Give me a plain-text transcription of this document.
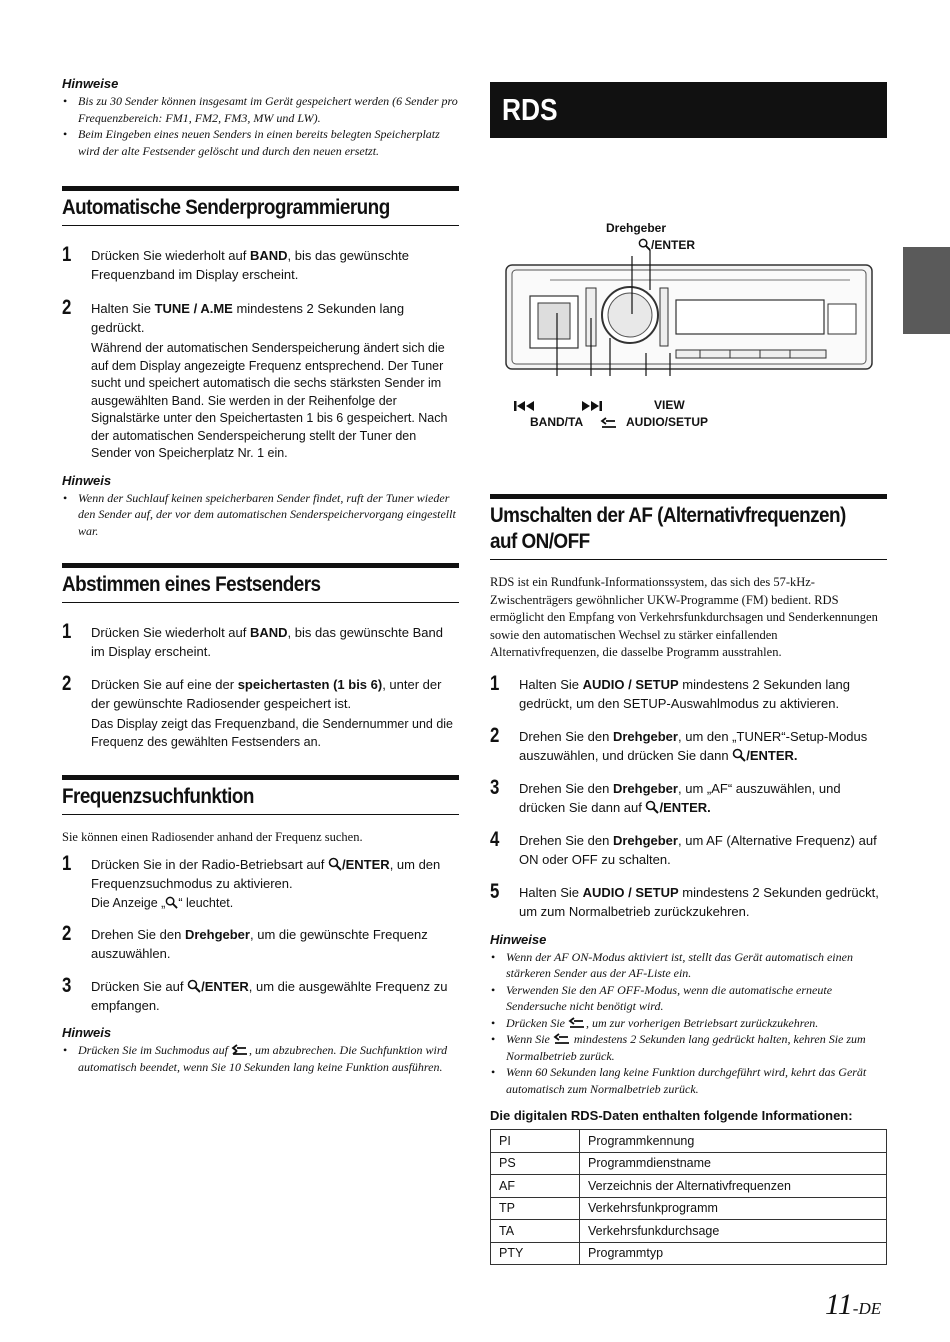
Hinweise
• Bis zu 30 Sender können insgesamt im Gerät gespeichert werden (6 Sender pro Frequenzbereich: FM1, FM2, FM3, MW und LW).
• Beim Eingeben eines neuen Senders in einen bereits belegten Speicherplatz wird der alte Festsender gelöscht und durch den neuen ersetzt.
Automatische Senderprogrammierung
1 Drücken Sie wiederholt auf BAND, bis das gewünschte Frequenzband im Display erscheint.
2 Halten Sie TUNE / A.ME mindestens 2 Sekunden lang gedrückt.
Während der automatischen Senderspeicherung ändert sich die auf dem Display angezeigte Frequenz entsprechend. Der Tuner sucht und speichert automatisch die sechs stärksten Sender im ausgewählten Band. Sie werden in der Reihenfolge der Signalstärke unter den Speichertasten 1 bis 6 gespeichert. Nach der automatischen Senderspeicherung stellt der Tuner den Sender von Speicherplatz Nr. 1 ein.
Hinweis
• Wenn der Suchlauf keinen speicherbaren Sender findet, ruft der Tuner wieder den Sender auf, der vor dem automatischen Senderspeichervorgang eingestellt war.
Abstimmen eines Festsenders
1 Drücken Sie wiederholt auf BAND, bis das gewünschte Band im Display erscheint.
2 Drücken Sie auf eine der speichertasten (1 bis 6), unter der der gewünschte Radiosender gespeichert ist.
Das Display zeigt das Frequenzband, die Sendernummer und die Frequenz des gewählten Festsenders an.
Frequenzsuchfunktion
Sie können einen Radiosender anhand der Frequenz suchen.
1 Drücken Sie in der Radio-Betriebsart auf /ENTER, um den Frequenzsuchmodus zu aktivieren.
Die Anzeige „ “ leuchtet.
2 Drehen Sie den Drehgeber, um die gewünschte Frequenz auszuwählen.
3 Drücken Sie auf /ENTER, um die ausgewählte Frequenz zu empfangen.
Hinweis
• Drücken Sie im Suchmodus auf , um abzubrechen. Die Suchfunktion wird automatisch beendet, wenn Sie 10 Sekunden lang keine Funktion ausführen.
RDS
Drehgeber
/ENTER
VIEW
BAND/TA	AUDIO/SETUP
Umschalten der AF (Alternativfrequenzen)
auf ON/OFF
RDS ist ein Rundfunk-Informationssystem, das sich des 57-kHz-Zwischenträgers gewöhnlicher UKW-Programme (FM) bedient. RDS ermöglicht den Empfang von Verkehrsfunkdurchsagen und Senderkennungen sowie den automatischen Wechsel zu stärker einfallenden Alternativfrequenzen, die dasselbe Programm ausstrahlen.
1 Halten Sie AUDIO / SETUP mindestens 2 Sekunden lang gedrückt, um den SETUP-Auswahlmodus zu aktivieren.
2 Drehen Sie den Drehgeber, um den „TUNER“-Setup-Modus auszuwählen, und drücken Sie dann /ENTER.
3 Drehen Sie den Drehgeber, um „AF“ auszuwählen, und drücken Sie dann auf /ENTER.
4 Drehen Sie den Drehgeber, um AF (Alternative Frequenz) auf ON oder OFF zu schalten.
5 Halten Sie AUDIO / SETUP mindestens 2 Sekunden gedrückt, um zum Normalbetrieb zurückzukehren.
Hinweise
• Wenn der AF ON-Modus aktiviert ist, stellt das Gerät automatisch einen stärkeren Sender aus der AF-Liste ein.
• Verwenden Sie den AF OFF-Modus, wenn die automatische erneute Sendersuche nicht benötigt wird.
• Drücken Sie , um zur vorherigen Betriebsart zurückzukehren.
• Wenn Sie  mindestens 2 Sekunden lang gedrückt halten, kehren Sie zum Normalbetrieb zurück.
• Wenn 60 Sekunden lang keine Funktion durchgeführt wird, kehrt das Gerät automatisch zum Normalbetrieb zurück.
Die digitalen RDS-Daten enthalten folgende Informationen:
PI	Programmkennung
PS	Programmdienstname
AF	Verzeichnis der Alternativfrequenzen
TP	Verkehrsfunkprogramm
TA	Verkehrsfunkdurchsage
PTY	Programmtyp
11-DE
